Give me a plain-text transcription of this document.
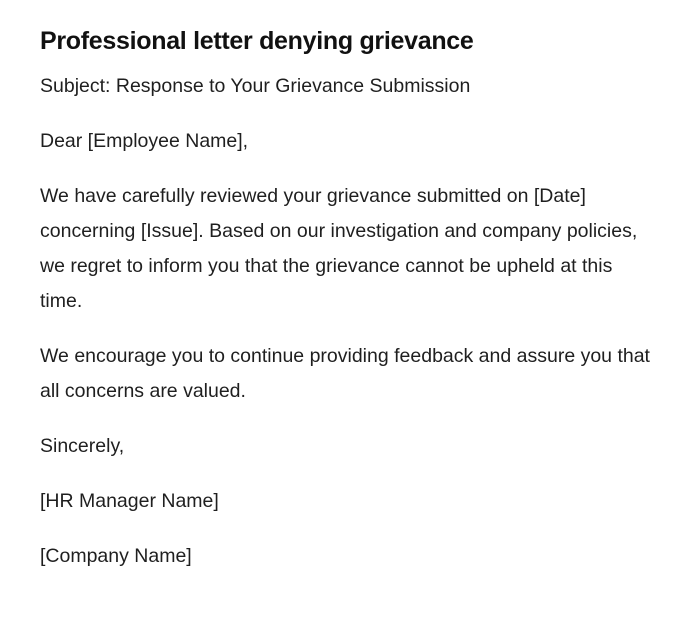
Professional letter denying grievance

Subject: Response to Your Grievance Submission

Dear [Employee Name],

We have carefully reviewed your grievance submitted on [Date] concerning [Issue]. Based on our investigation and company policies, we regret to inform you that the grievance cannot be upheld at this time.

We encourage you to continue providing feedback and assure you that all concerns are valued.

Sincerely,

[HR Manager Name]

[Company Name]
